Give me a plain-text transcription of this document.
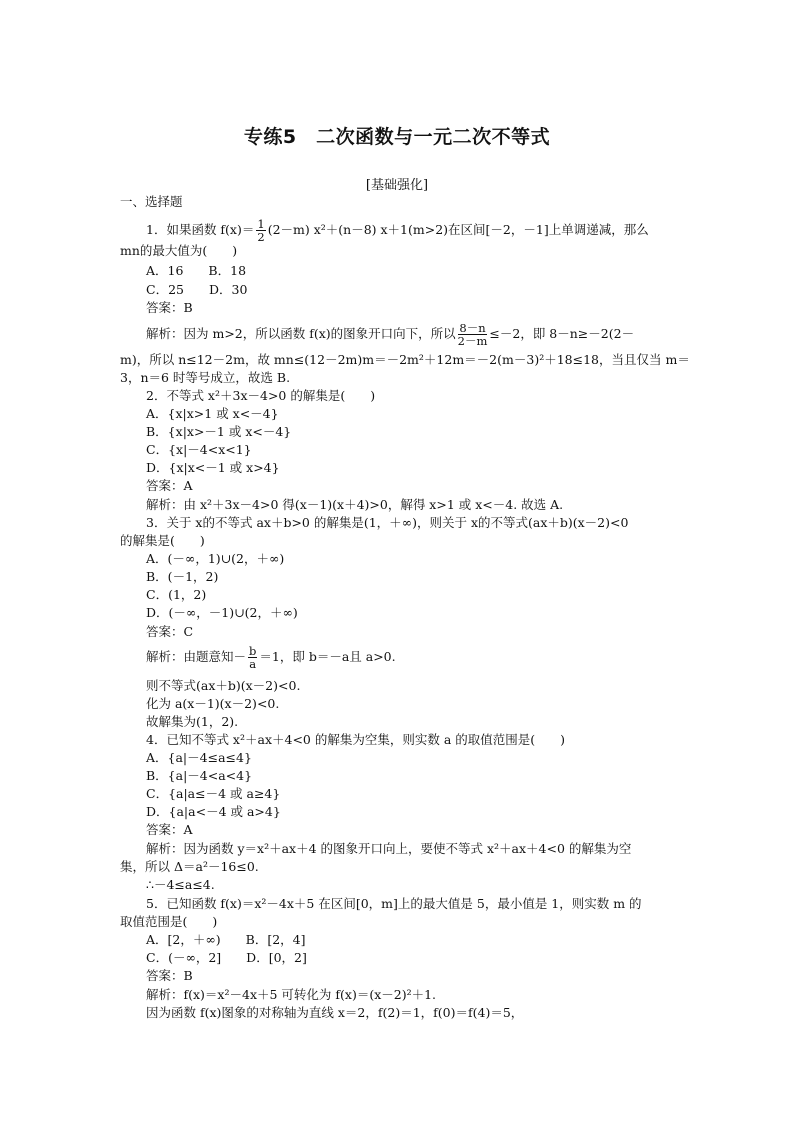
专练5　二次函数与一元二次不等式
[基础强化]
一、选择题
1．如果函数 $f(x)= \frac{1}{2} (2-m)$ x²＋(n－8) x＋1(m>2)在区间[－2，－1]上单调递减，那么
mn的最大值为(　　)
A．16　　B．18
C．25　　D．30
答案：B
解析：因为 m>2，所以函数 f(x)的图象开口向下，所以 $\frac{8-n}{2-m} \le-2$，即 8－n≥－2(2－
m)，所以 n≤12－2m，故 mn≤(12－2m)m＝－2m²＋12m＝－2(m－3)²＋18≤18，当且仅当 m＝
3，n＝6 时等号成立，故选 B.
2．不等式 x²＋3x－4>0 的解集是(　　)
A．{x|x>1 或 x<－4}
B．{x|x>－1 或 x<－4}
C．{x|－4<x<1}
D．{x|x<－1 或 x>4}
答案：A
解析：由 x²＋3x－4>0 得(x－1)(x＋4)>0，解得 x>1 或 x<－4. 故选 A.
3．关于 x的不等式 ax＋b>0 的解集是(1，＋∞)，则关于 x的不等式(ax＋b)(x－2)<0
的解集是(　　)
A．(－∞，1)∪(2，＋∞)
B．(－1，2)
C．(1，2)
D．(－∞，－1)∪(2，＋∞)
答案：C
解析：由题意知－ $\frac{b}{a} =1$，即 b＝－a且 a>0.
则不等式(ax＋b)(x－2)<0.
化为 a(x－1)(x－2)<0.
故解集为(1，2).
4．已知不等式 x²＋ax＋4<0 的解集为空集，则实数 a 的取值范围是(　　)
A．{a|－4≤a≤4}
B．{a|－4<a<4}
C．{a|a≤－4 或 a≥4}
D．{a|a<－4 或 a>4}
答案：A
解析：因为函数 y＝x²＋ax＋4 的图象开口向上，要使不等式 x²＋ax＋4<0 的解集为空
集，所以 Δ＝a²－16≤0.
∴－4≤a≤4.
5．已知函数 f(x)＝x²－4x＋5 在区间[0，m]上的最大值是 5，最小值是 1，则实数 m 的
取值范围是(　　)
A．[2，＋∞)　　B．[2，4]
C．(－∞，2]　　D．[0，2]
答案：B
解析：f(x)＝x²－4x＋5 可转化为 f(x)＝(x－2)²＋1.
因为函数 f(x)图象的对称轴为直线 x＝2，f(2)＝1，f(0)＝f(4)＝5，
